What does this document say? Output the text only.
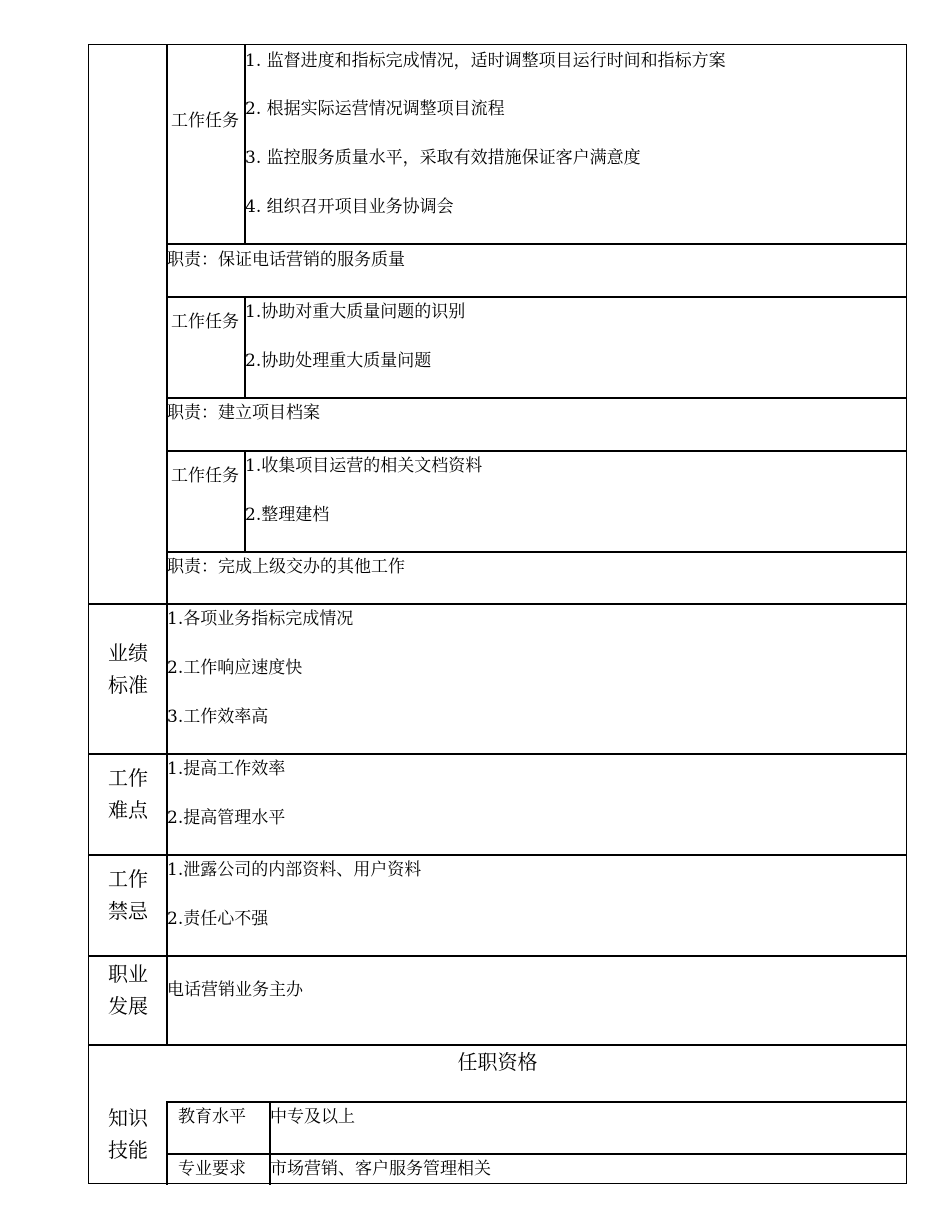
工作任务
1. 监督进度和指标完成情况，适时调整项目运行时间和指标方案
2. 根据实际运营情况调整项目流程
3. 监控服务质量水平，采取有效措施保证客户满意度
4. 组织召开项目业务协调会
职责：保证电话营销的服务质量
工作任务 1.协助对重大质量问题的识别
2.协助处理重大质量问题
职责：建立项目档案
工作任务 1.收集项目运营的相关文档资料
2.整理建档
职责：完成上级交办的其他工作
业绩标准
1.各项业务指标完成情况
2.工作响应速度快
3.工作效率高
工作难点
1.提高工作效率
2.提高管理水平
工作禁忌
1.泄露公司的内部资料、用户资料
2.责任心不强
职业发展
电话营销业务主办
任职资格
知识技能
教育水平 中专及以上
专业要求 市场营销、客户服务管理相关
